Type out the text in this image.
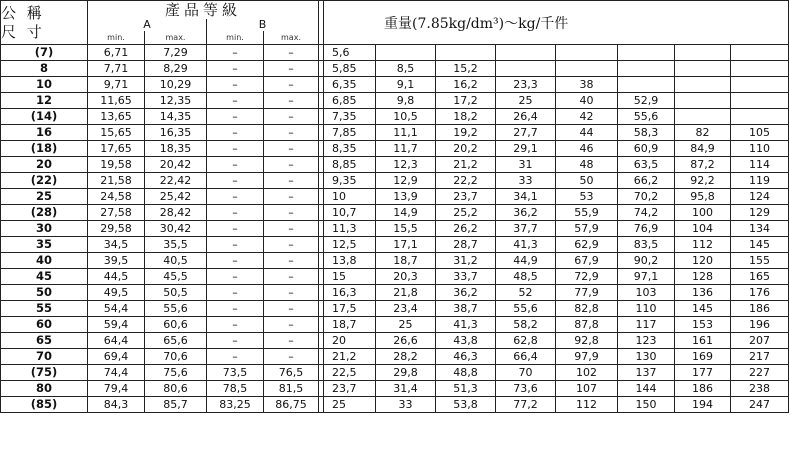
公 稱
尺 寸	產品等級					重量(7.85kg/dm³)～kg/千件							
	A		B										
	min.	max.	min.	max.									
(7)	6,71	7,29	–	–		5,6							
8	7,71	8,29	–	–		5,85	8,5	15,2					
10	9,71	10,29	–	–		6,35	9,1	16,2	23,3	38			
12	11,65	12,35	–	–		6,85	9,8	17,2	25	40	52,9		
(14)	13,65	14,35	–	–		7,35	10,5	18,2	26,4	42	55,6		
16	15,65	16,35	–	–		7,85	11,1	19,2	27,7	44	58,3	82	105
(18)	17,65	18,35	–	–		8,35	11,7	20,2	29,1	46	60,9	84,9	110
20	19,58	20,42	–	–		8,85	12,3	21,2	31	48	63,5	87,2	114
(22)	21,58	22,42	–	–		9,35	12,9	22,2	33	50	66,2	92,2	119
25	24,58	25,42	–	–		10	13,9	23,7	34,1	53	70,2	95,8	124
(28)	27,58	28,42	–	–		10,7	14,9	25,2	36,2	55,9	74,2	100	129
30	29,58	30,42	–	–		11,3	15,5	26,2	37,7	57,9	76,9	104	134
35	34,5	35,5	–	–		12,5	17,1	28,7	41,3	62,9	83,5	112	145
40	39,5	40,5	–	–		13,8	18,7	31,2	44,9	67,9	90,2	120	155
45	44,5	45,5	–	–		15	20,3	33,7	48,5	72,9	97,1	128	165
50	49,5	50,5	–	–		16,3	21,8	36,2	52	77,9	103	136	176
55	54,4	55,6	–	–		17,5	23,4	38,7	55,6	82,8	110	145	186
60	59,4	60,6	–	–		18,7	25	41,3	58,2	87,8	117	153	196
65	64,4	65,6	–	–		20	26,6	43,8	62,8	92,8	123	161	207
70	69,4	70,6	–	–		21,2	28,2	46,3	66,4	97,9	130	169	217
(75)	74,4	75,6	73,5	76,5		22,5	29,8	48,8	70	102	137	177	227
80	79,4	80,6	78,5	81,5		23,7	31,4	51,3	73,6	107	144	186	238
(85)	84,3	85,7	83,25	86,75		25	33	53,8	77,2	112	150	194	247
